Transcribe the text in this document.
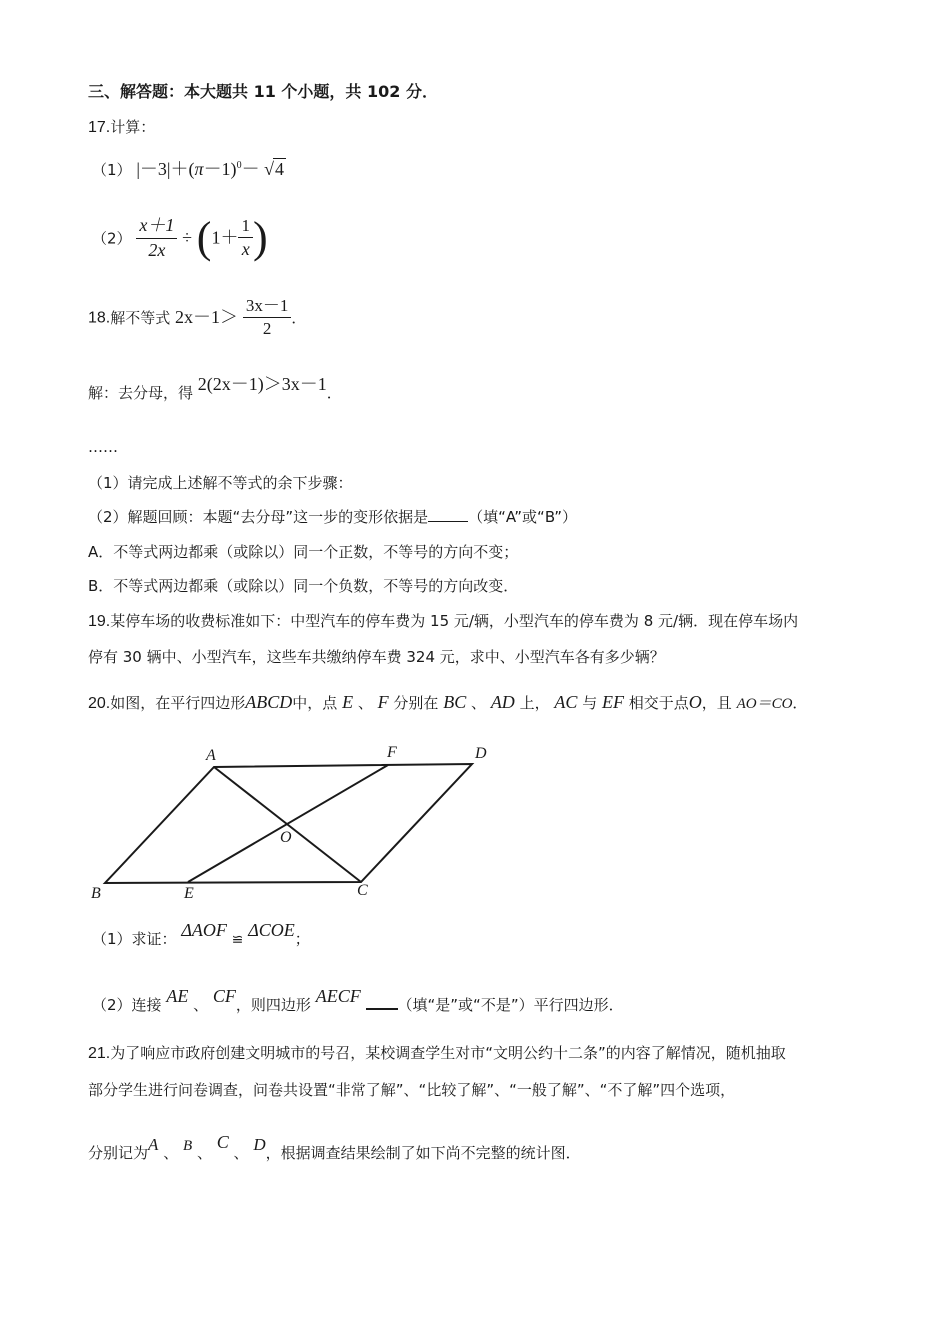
三、解答题：本大题共 11 个小题，共 102 分．
17.计算：
（1） $|-3|+(\pi-1)^0- √4$
$(2) \frac{x+1}{2x} \div (1+ \frac{1}{x}$ )
18.解不等式 $2x-1> \frac{3x-1}{2}$ ．
解：去分母，得 2(2x－1)＞3x－1．
……
（1）请完成上述解不等式的余下步骤：
（2）解题回顾：本题“去分母”这一步的变形依据是	（填“A”或“B”）
A．不等式两边都乘（或除以）同一个正数，不等号的方向不变；
B．不等式两边都乘（或除以）同一个负数，不等号的方向改变．
19.某停车场的收费标准如下：中型汽车的停车费为 15 元/辆，小型汽车的停车费为 8 元/辆．现在停车场内
停有 30 辆中、小型汽车，这些车共缴纳停车费 324 元，求中、小型汽车各有多少辆？
20.如图，在平行四边形ABCD中，点 E 、 F 分别在 BC 、 AD 上， AC 与 EF 相交于点O，且 AO＝CO．
A	F	D
O
B	E	C
（1）求证： ΔAOF ≌ ΔCOE；
（2）连接 AE 、 CF，则四边形 AECF （填“是”或“不是”）平行四边形．
21.为了响应市政府创建文明城市的号召，某校调查学生对市“文明公约十二条”的内容了解情况，随机抽取
部分学生进行问卷调查，问卷共设置“非常了解”、“比较了解”、“一般了解”、“不了解”四个选项，
分别记为A 、 B 、 C 、 D，根据调查结果绘制了如下尚不完整的统计图．
